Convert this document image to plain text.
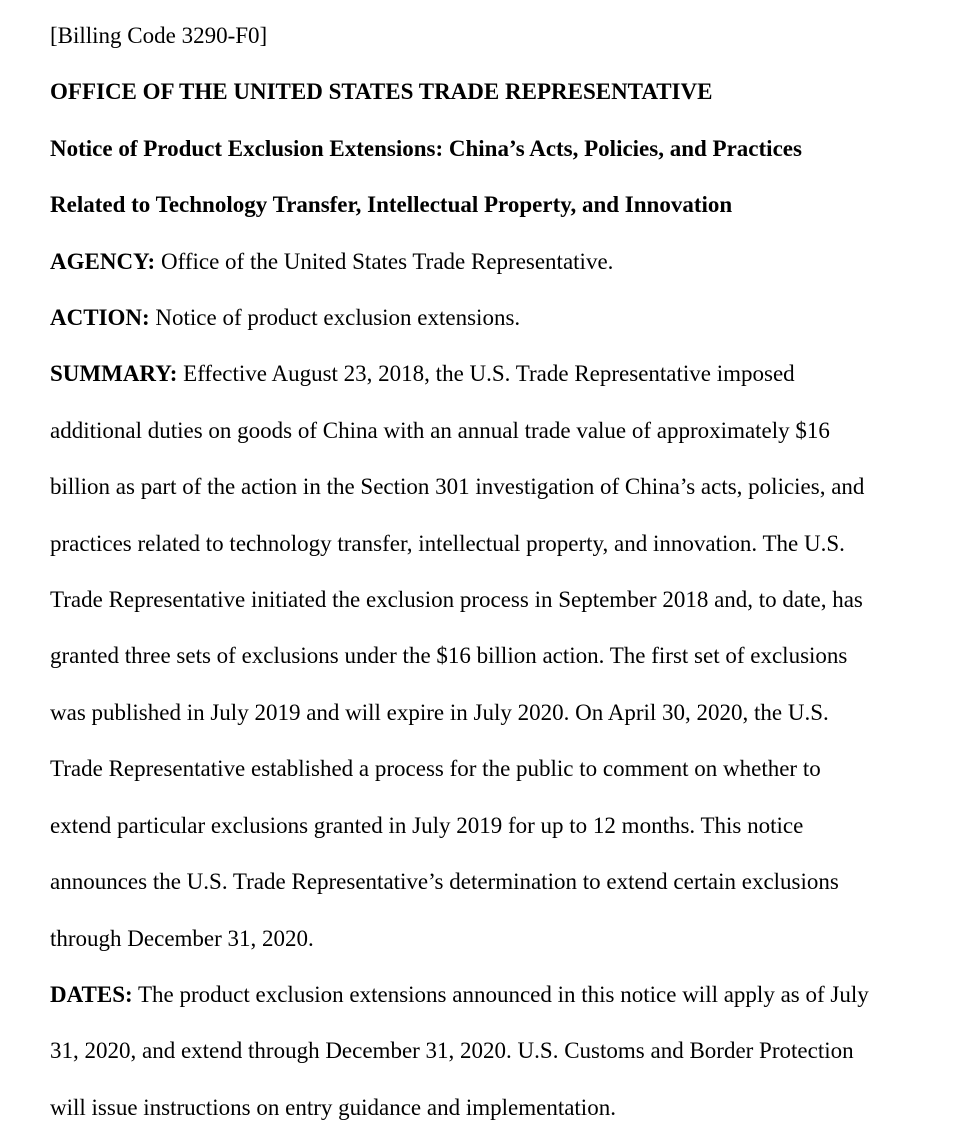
[Billing Code 3290-F0]
OFFICE OF THE UNITED STATES TRADE REPRESENTATIVE
Notice of Product Exclusion Extensions: China’s Acts, Policies, and Practices
Related to Technology Transfer, Intellectual Property, and Innovation
AGENCY: Office of the United States Trade Representative.
ACTION: Notice of product exclusion extensions.
SUMMARY: Effective August 23, 2018, the U.S. Trade Representative imposed
additional duties on goods of China with an annual trade value of approximately $16
billion as part of the action in the Section 301 investigation of China’s acts, policies, and
practices related to technology transfer, intellectual property, and innovation. The U.S.
Trade Representative initiated the exclusion process in September 2018 and, to date, has
granted three sets of exclusions under the $16 billion action. The first set of exclusions
was published in July 2019 and will expire in July 2020. On April 30, 2020, the U.S.
Trade Representative established a process for the public to comment on whether to
extend particular exclusions granted in July 2019 for up to 12 months. This notice
announces the U.S. Trade Representative’s determination to extend certain exclusions
through December 31, 2020.
DATES: The product exclusion extensions announced in this notice will apply as of July
31, 2020, and extend through December 31, 2020. U.S. Customs and Border Protection
will issue instructions on entry guidance and implementation.
